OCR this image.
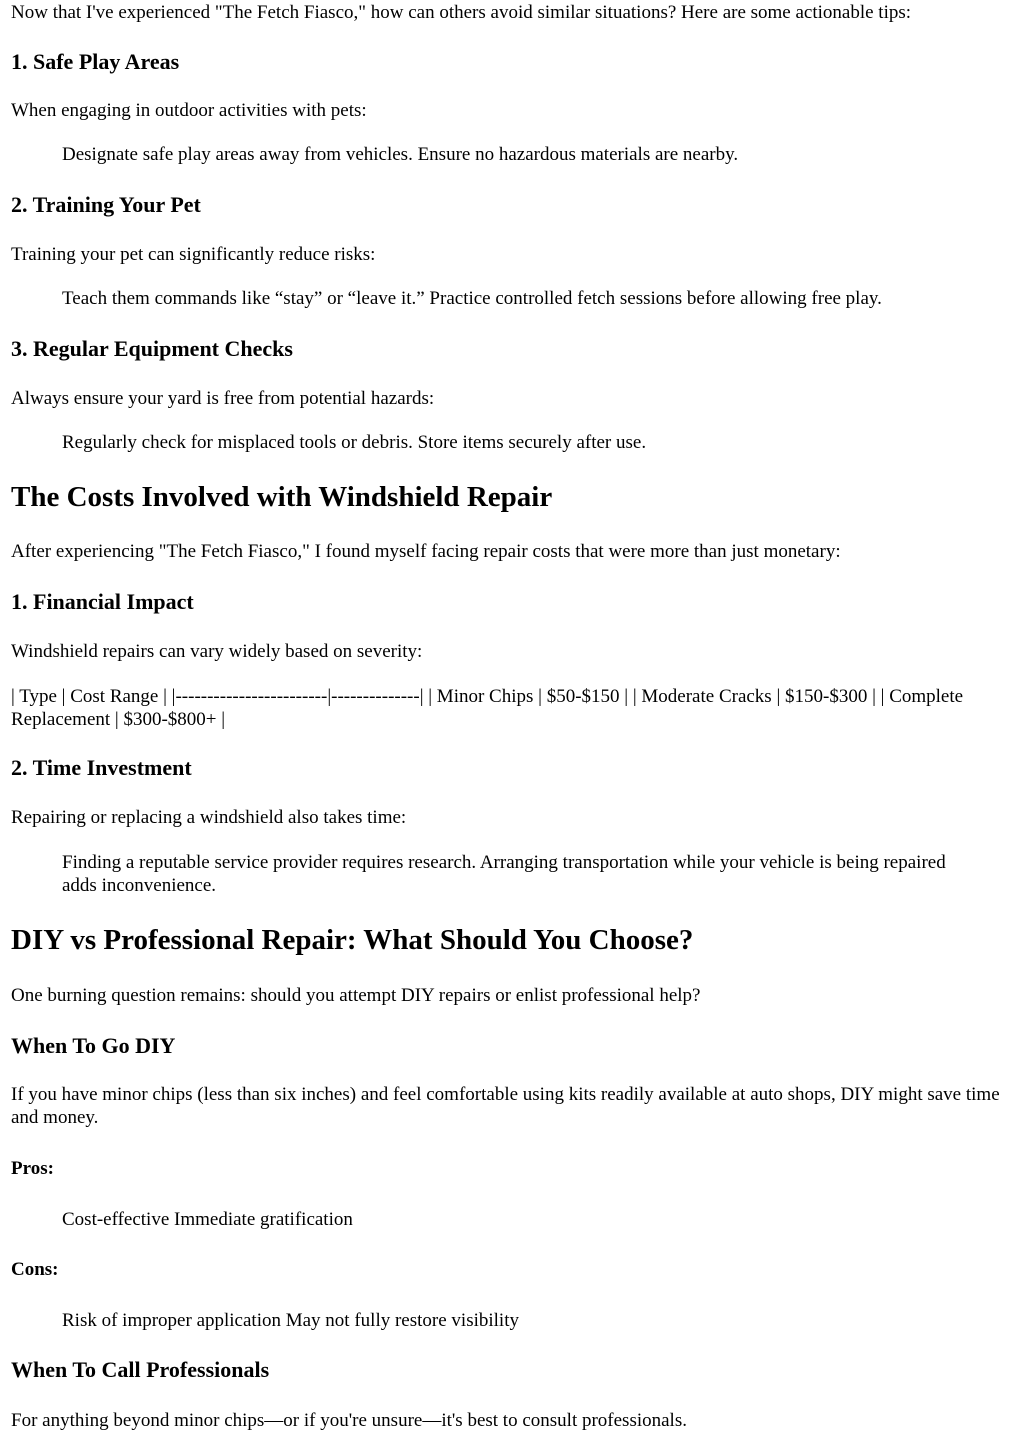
Now that I've experienced "The Fetch Fiasco," how can others avoid similar situations? Here are some actionable tips:

1. Safe Play Areas

When engaging in outdoor activities with pets:

Designate safe play areas away from vehicles. Ensure no hazardous materials are nearby.

2. Training Your Pet

Training your pet can significantly reduce risks:

Teach them commands like “stay” or “leave it.” Practice controlled fetch sessions before allowing free play.

3. Regular Equipment Checks

Always ensure your yard is free from potential hazards:

Regularly check for misplaced tools or debris. Store items securely after use.

The Costs Involved with Windshield Repair

After experiencing "The Fetch Fiasco," I found myself facing repair costs that were more than just monetary:

1. Financial Impact

Windshield repairs can vary widely based on severity:

| Type | Cost Range | |------------------------|--------------| | Minor Chips | $50-$150 | | Moderate Cracks | $150-$300 | | Complete Replacement | $300-$800+ |

2. Time Investment

Repairing or replacing a windshield also takes time:

Finding a reputable service provider requires research. Arranging transportation while your vehicle is being repaired adds inconvenience.

DIY vs Professional Repair: What Should You Choose?

One burning question remains: should you attempt DIY repairs or enlist professional help?

When To Go DIY

If you have minor chips (less than six inches) and feel comfortable using kits readily available at auto shops, DIY might save time and money.

Pros:

Cost-effective Immediate gratification

Cons:

Risk of improper application May not fully restore visibility

When To Call Professionals

For anything beyond minor chips—or if you're unsure—it's best to consult professionals.
